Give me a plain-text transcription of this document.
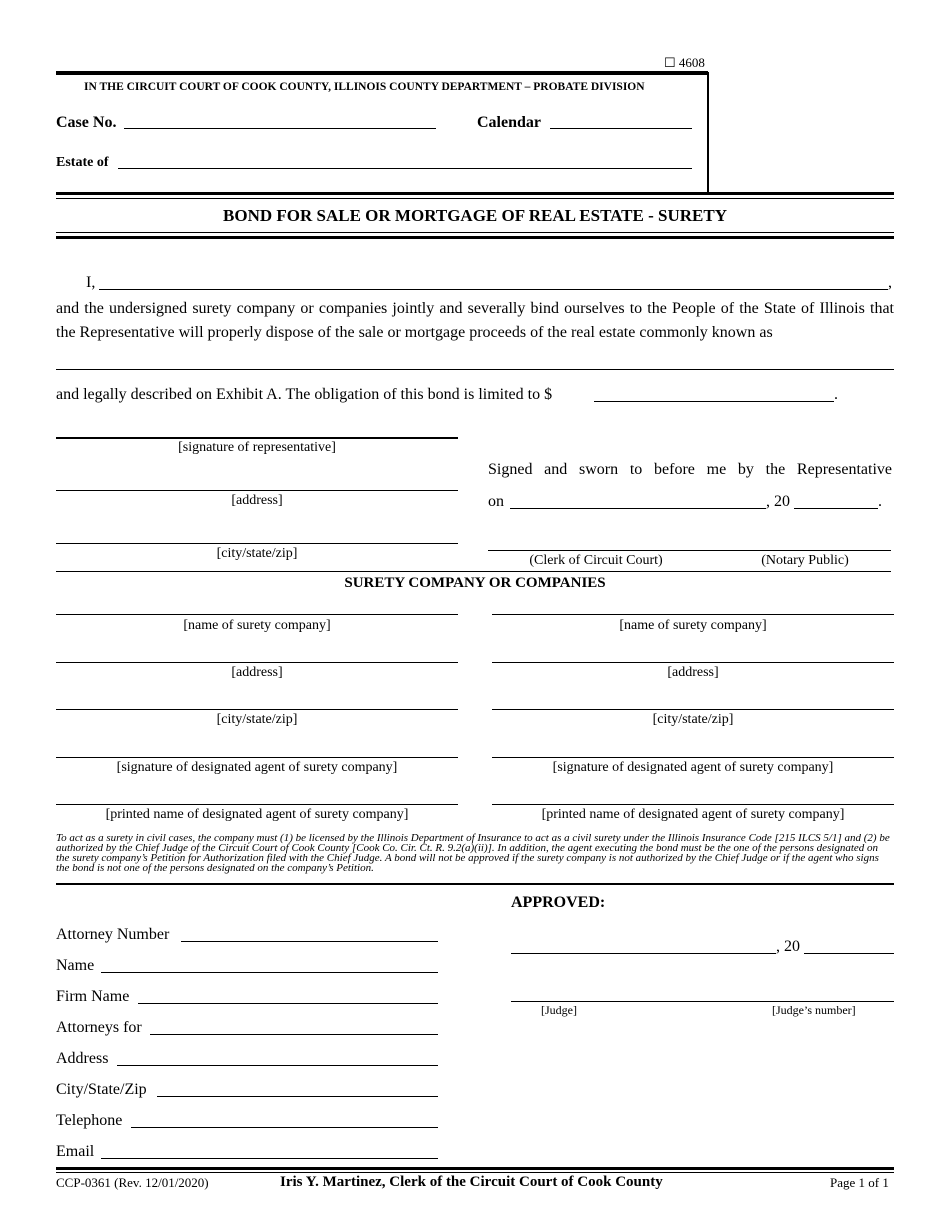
☐ 4608
IN THE CIRCUIT COURT OF COOK COUNTY, ILLINOIS COUNTY DEPARTMENT – PROBATE DIVISION
Case No.	Calendar
Estate of
BOND FOR SALE OR MORTGAGE OF REAL ESTATE - SURETY
I,	,
and the undersigned surety company or companies jointly and severally bind ourselves to the People of the State of Illinois that the Representative will properly dispose of the sale or mortgage proceeds of the real estate commonly known as
and legally described on Exhibit A. The obligation of this bond is limited to $	.
[signature of representative]
[address]
[city/state/zip]
Signed and sworn to before me by the Representative
on	, 20	.
(Clerk of Circuit Court)	(Notary Public)
SURETY COMPANY OR COMPANIES
[name of surety company]
[address]
[city/state/zip]
[signature of designated agent of surety company]
[printed name of designated agent of surety company]
[name of surety company]
[address]
[city/state/zip]
[signature of designated agent of surety company]
[printed name of designated agent of surety company]
To act as a surety in civil cases, the company must (1) be licensed by the Illinois Department of Insurance to act as a civil surety under the Illinois Insurance Code [215 ILCS 5/1] and (2) be authorized by the Chief Judge of the Circuit Court of Cook County [Cook Co. Cir. Ct. R. 9.2(a)(ii)]. In addition, the agent executing the bond must be the one of the persons designated on the surety company’s Petition for Authorization filed with the Chief Judge. A bond will not be approved if the surety company is not authorized by the Chief Judge or if the agent who signs the bond is not one of the persons designated on the company’s Petition.
Attorney Number
Name
Firm Name
Attorneys for
Address
City/State/Zip
Telephone
Email
APPROVED:
, 20
[Judge]	[Judge’s number]
CCP-0361 (Rev. 12/01/2020)	Iris Y. Martinez, Clerk of the Circuit Court of Cook County	Page 1 of 1
